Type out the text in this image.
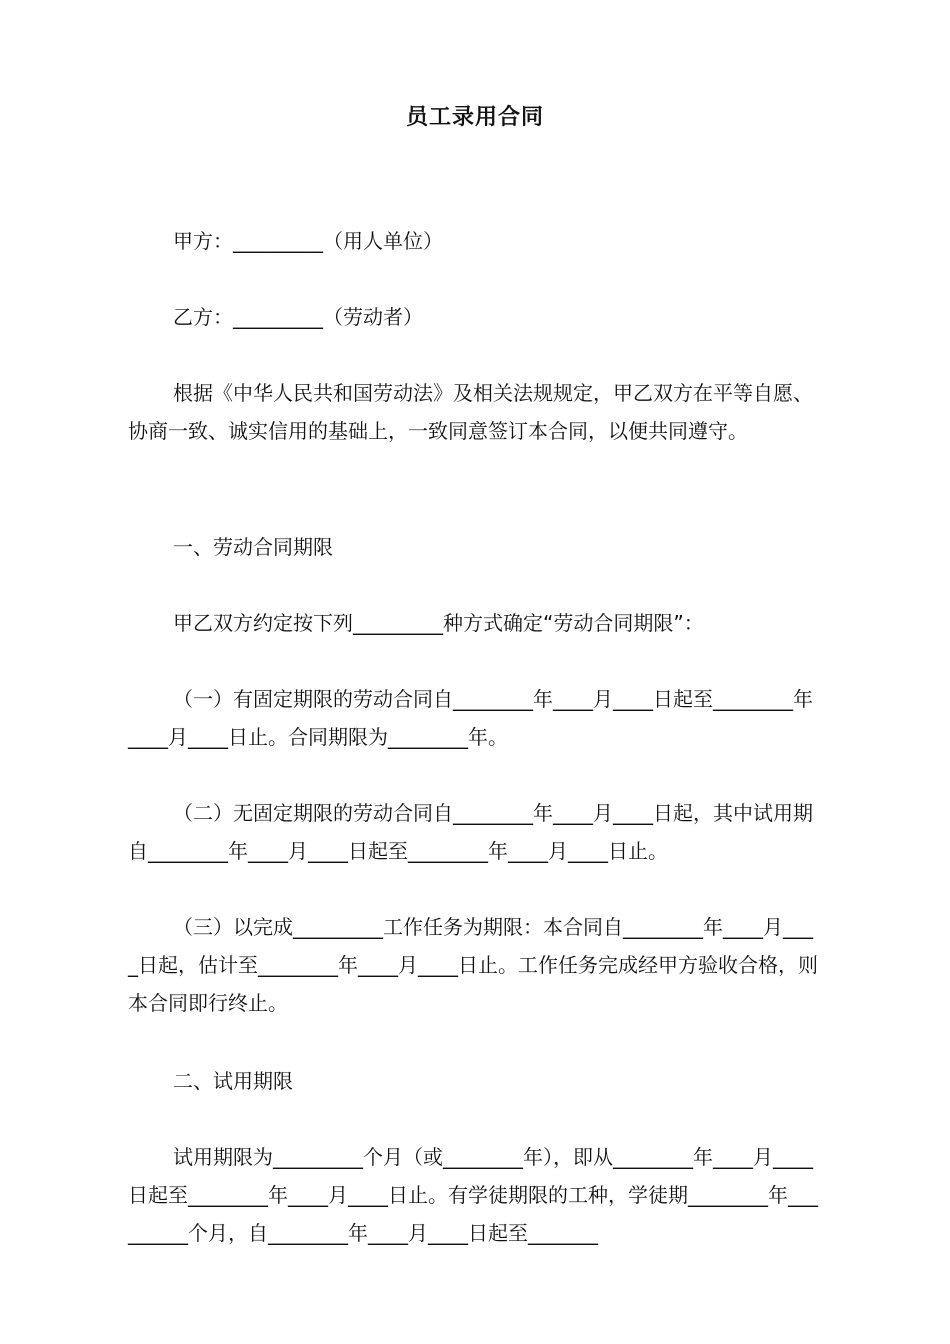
员工录用合同
甲方：_________（用人单位）
乙方：_________（劳动者）
根据《中华人民共和国劳动法》及相关法规规定，甲乙双方在平等自愿、协商一致、诚实信用的基础上，一致同意签订本合同，以便共同遵守。
一、劳动合同期限
甲乙双方约定按下列_________种方式确定“劳动合同期限”：
（一）有固定期限的劳动合同自________年____月____日起至________年____月____日止。合同期限为________年。
（二）无固定期限的劳动合同自________年____月____日起，其中试用期自________年____月____日起至________年____月____日止。
（三）以完成_________工作任务为期限：本合同自________年____月____日起，估计至________年____月____日止。工作任务完成经甲方验收合格，则本合同即行终止。
二、试用期限
试用期限为_________个月（或________年），即从________年____月____日起至________年____月____日止。有学徒期限的工种，学徒期________年_________个月，自________年____月____日起至_______
